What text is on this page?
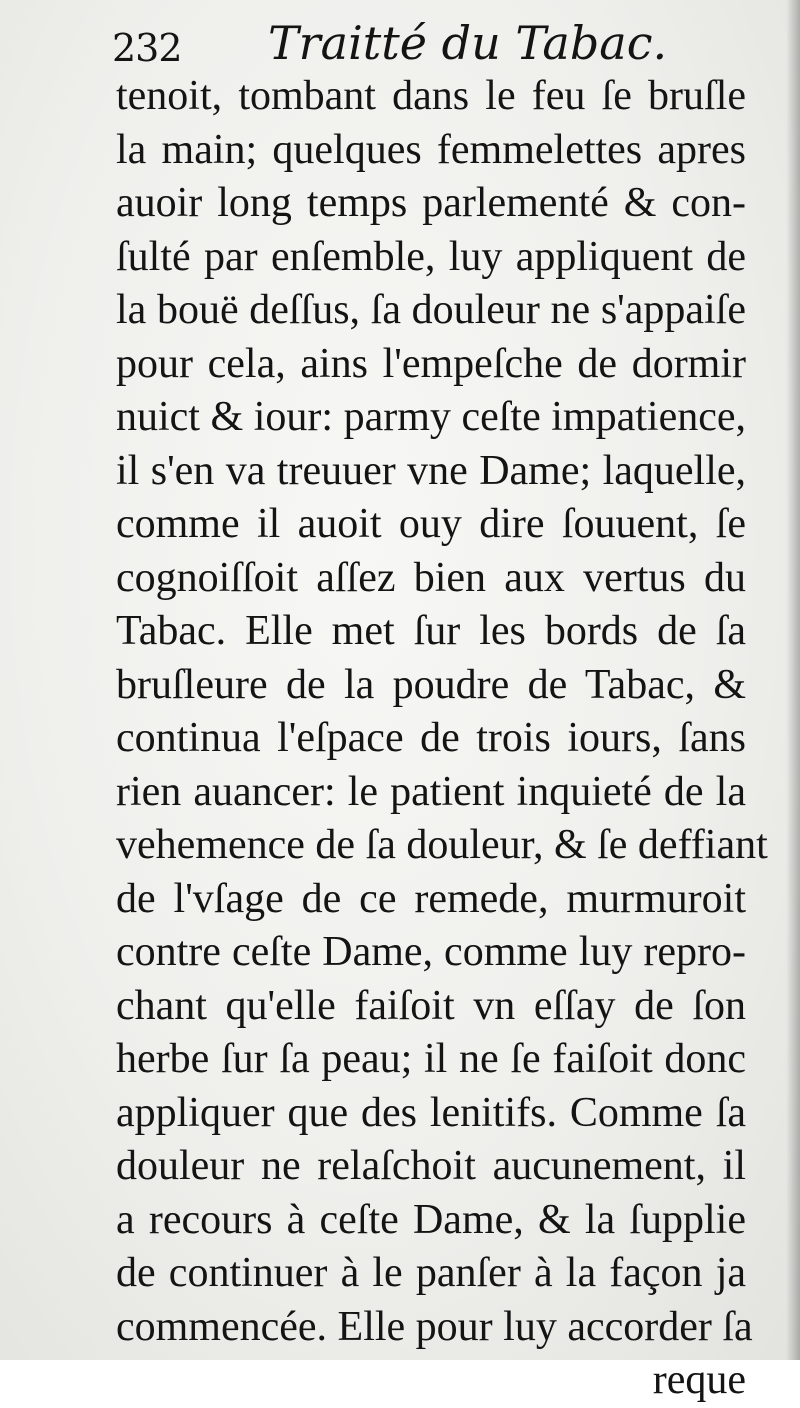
232 Traitté du Tabac.
tenoit, tombant dans le feu ſe bruſle
la main; quelques femmelettes apres
auoir long temps parlementé & con-
ſulté par enſemble, luy appliquent de
la bouë deſſus, ſa douleur ne s'appaiſe
pour cela, ains l'empeſche de dormir
nuict & iour: parmy ceſte impatience,
il s'en va treuuer vne Dame; laquelle,
comme il auoit ouy dire ſouuent, ſe
cognoiſſoit aſſez bien aux vertus du
Tabac. Elle met ſur les bords de ſa
bruſleure de la poudre de Tabac, &
continua l'eſpace de trois iours, ſans
rien auancer: le patient inquieté de la
vehemence de ſa douleur, & ſe deffiant
de l'vſage de ce remede, murmuroit
contre ceſte Dame, comme luy repro-
chant qu'elle faiſoit vn eſſay de ſon
herbe ſur ſa peau; il ne ſe faiſoit donc
appliquer que des lenitifs. Comme ſa
douleur ne relaſchoit aucunement, il
a recours à ceſte Dame, & la ſupplie
de continuer à le panſer à la façon ja
commencée. Elle pour luy accorder ſa
reque
